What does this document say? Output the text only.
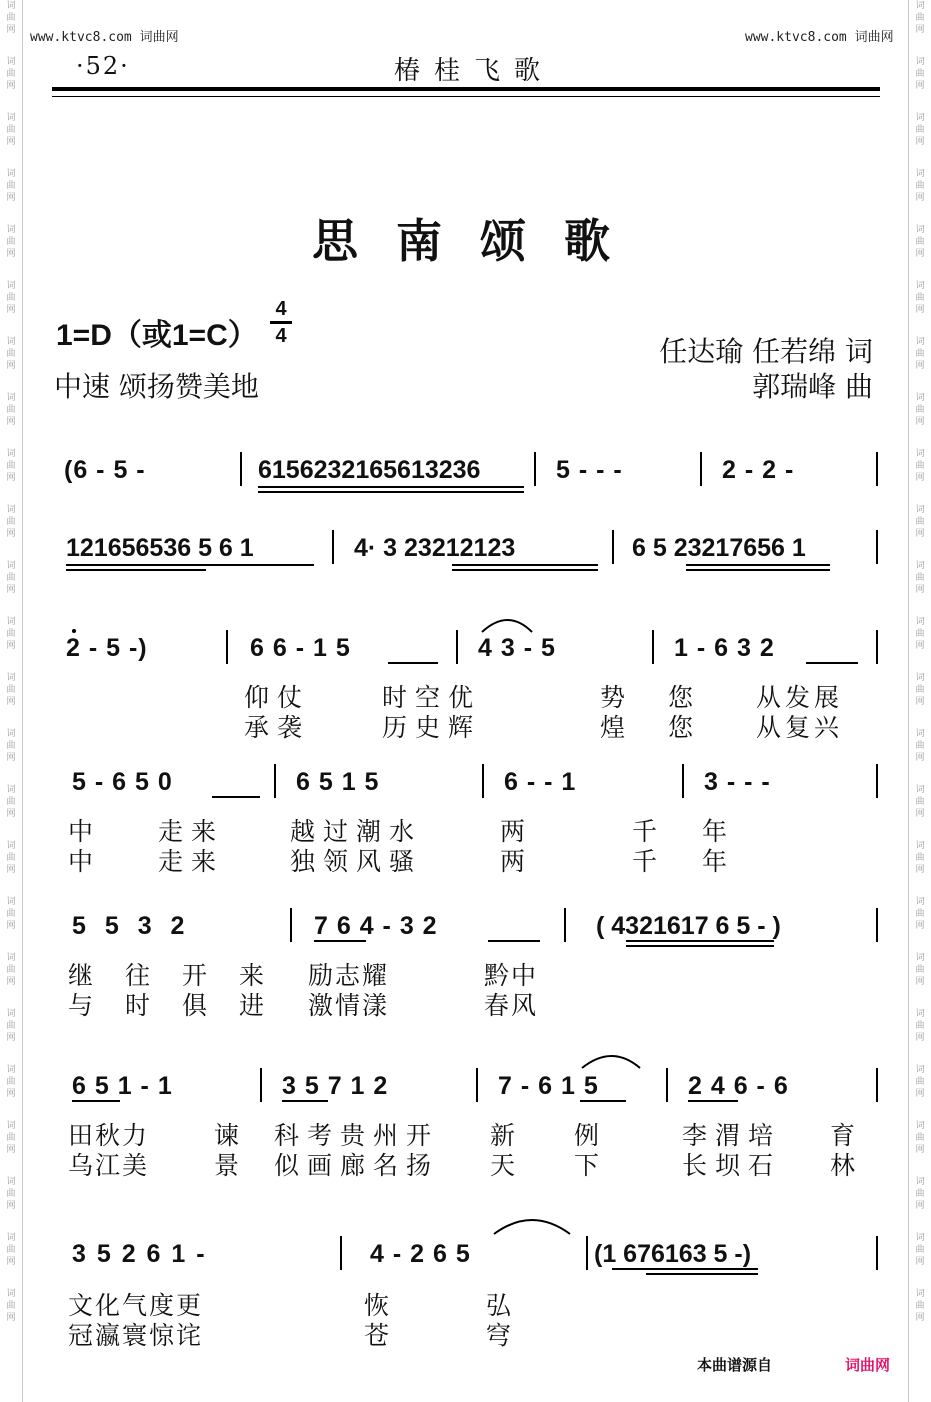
词
曲
网
词
曲
网
词
曲
网
词
曲
网
词
曲
网
词
曲
网
词
曲
网
词
曲
网
词
曲
网
词
曲
网
词
曲
网
词
曲
网
词
曲
网
词
曲
网
词
曲
网
词
曲
网
词
曲
网
词
曲
网
词
曲
网
词
曲
网
词
曲
网
词
曲
网
词
曲
网
词
曲
网
词
曲
网
词
曲
网
词
曲
网
词
曲
网
词
曲
网
词
曲
网
词
曲
网
词
曲
网
词
曲
网
词
曲
网
词
曲
网
词
曲
网
词
曲
网
词
曲
网
词
曲
网
词
曲
网
词
曲
网
词
曲
网
词
曲
网
词
曲
网
词
曲
网
词
曲
网
词
曲
网
词
曲
网
www.ktvc8.com 词曲网	www.ktvc8.com 词曲网
·52·	椿桂飞歌
思南颂歌
1=D（或1=C）
4
4
中速 颂扬赞美地
任达瑜 任若绵 词
郭瑞峰 曲
(6 - 5 -	6156232165613236	5 - - -	2 - 2 -
121656536 5 6 1	4· 3 23212123	6 5 23217656 1
2 - 5 -)	6 6 - 1 5	4 3 - 5	1 - 6 3 2
仰仗	时空优	势 您	从发展
承袭	历史辉	煌 您	从复兴
5 - 6 5 0	6 5 1 5	6 - - 1	3 - - -
中	走来	越过潮水	两	千 年
中	走来	独领风骚	两	千 年
5 5 3 2	7 6 4 - 3 2	( 4321617 6 5 - )
继往开来 励志耀	黔中
与时俱进 激情漾	春风
6 5 1 - 1	3 5 7 1 2	7 - 6 1 5	2 4 6 - 6
田秋力	谏 科考贵州开 新 例	李渭培 育
乌江美	景 似画廊名扬 天 下	长坝石 林
3 5 2 6 1 -	4 - 2 6 5	(1 676163 5 -)
文化气度更	恢	弘
冠瀛寰惊诧	苍	穹
本曲谱源自	词曲网
